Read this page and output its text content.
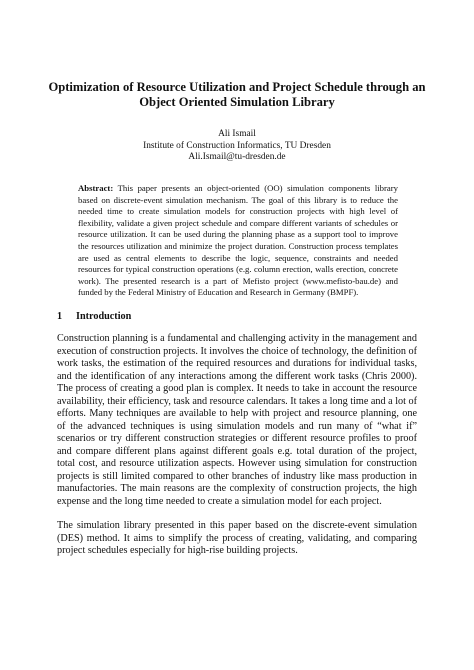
Optimization of Resource Utilization and Project Schedule through an Object Oriented Simulation Library
Ali Ismail
Institute of Construction Informatics, TU Dresden
Ali.Ismail@tu-dresden.de

Abstract: This paper presents an object-oriented (OO) simulation components library based on discrete-event simulation mechanism. The goal of this library is to reduce the needed time to create simulation models for construction projects with high level of flexibility, validate a given project schedule and compare different variants of schedules or resource utilization. It can be used during the planning phase as a support tool to improve the resources utilization and minimize the project duration. Construction process templates are used as central elements to describe the logic, sequence, constraints and needed resources for typical construction operations (e.g. column erection, walls erection, concrete work). The presented research is a part of Mefisto project (www.mefisto-bau.de) and funded by the Federal Ministry of Education and Research in Germany (BMPF).

1 Introduction

Construction planning is a fundamental and challenging activity in the management and execution of construction projects. It involves the choice of technology, the definition of work tasks, the estimation of the required resources and durations for individual tasks, and the identification of any interactions among the different work tasks (Chris 2000). The process of creating a good plan is complex. It needs to take in account the resource availability, their efficiency, task and resource calendars. It takes a long time and a lot of efforts. Many techniques are available to help with project and resource planning, one of the advanced techniques is using simulation models and run many of “what if” scenarios or try different construction strategies or different resource profiles to proof and compare different plans against different goals e.g. total duration of the project, total cost, and resource utilization aspects. However using simulation for construction projects is still limited compared to other branches of industry like mass production in manufactories. The main reasons are the complexity of construction projects, the high expense and the long time needed to create a simulation model for each project.

The simulation library presented in this paper based on the discrete-event simulation (DES) method. It aims to simplify the process of creating, validating, and comparing project schedules especially for high-rise building projects.
